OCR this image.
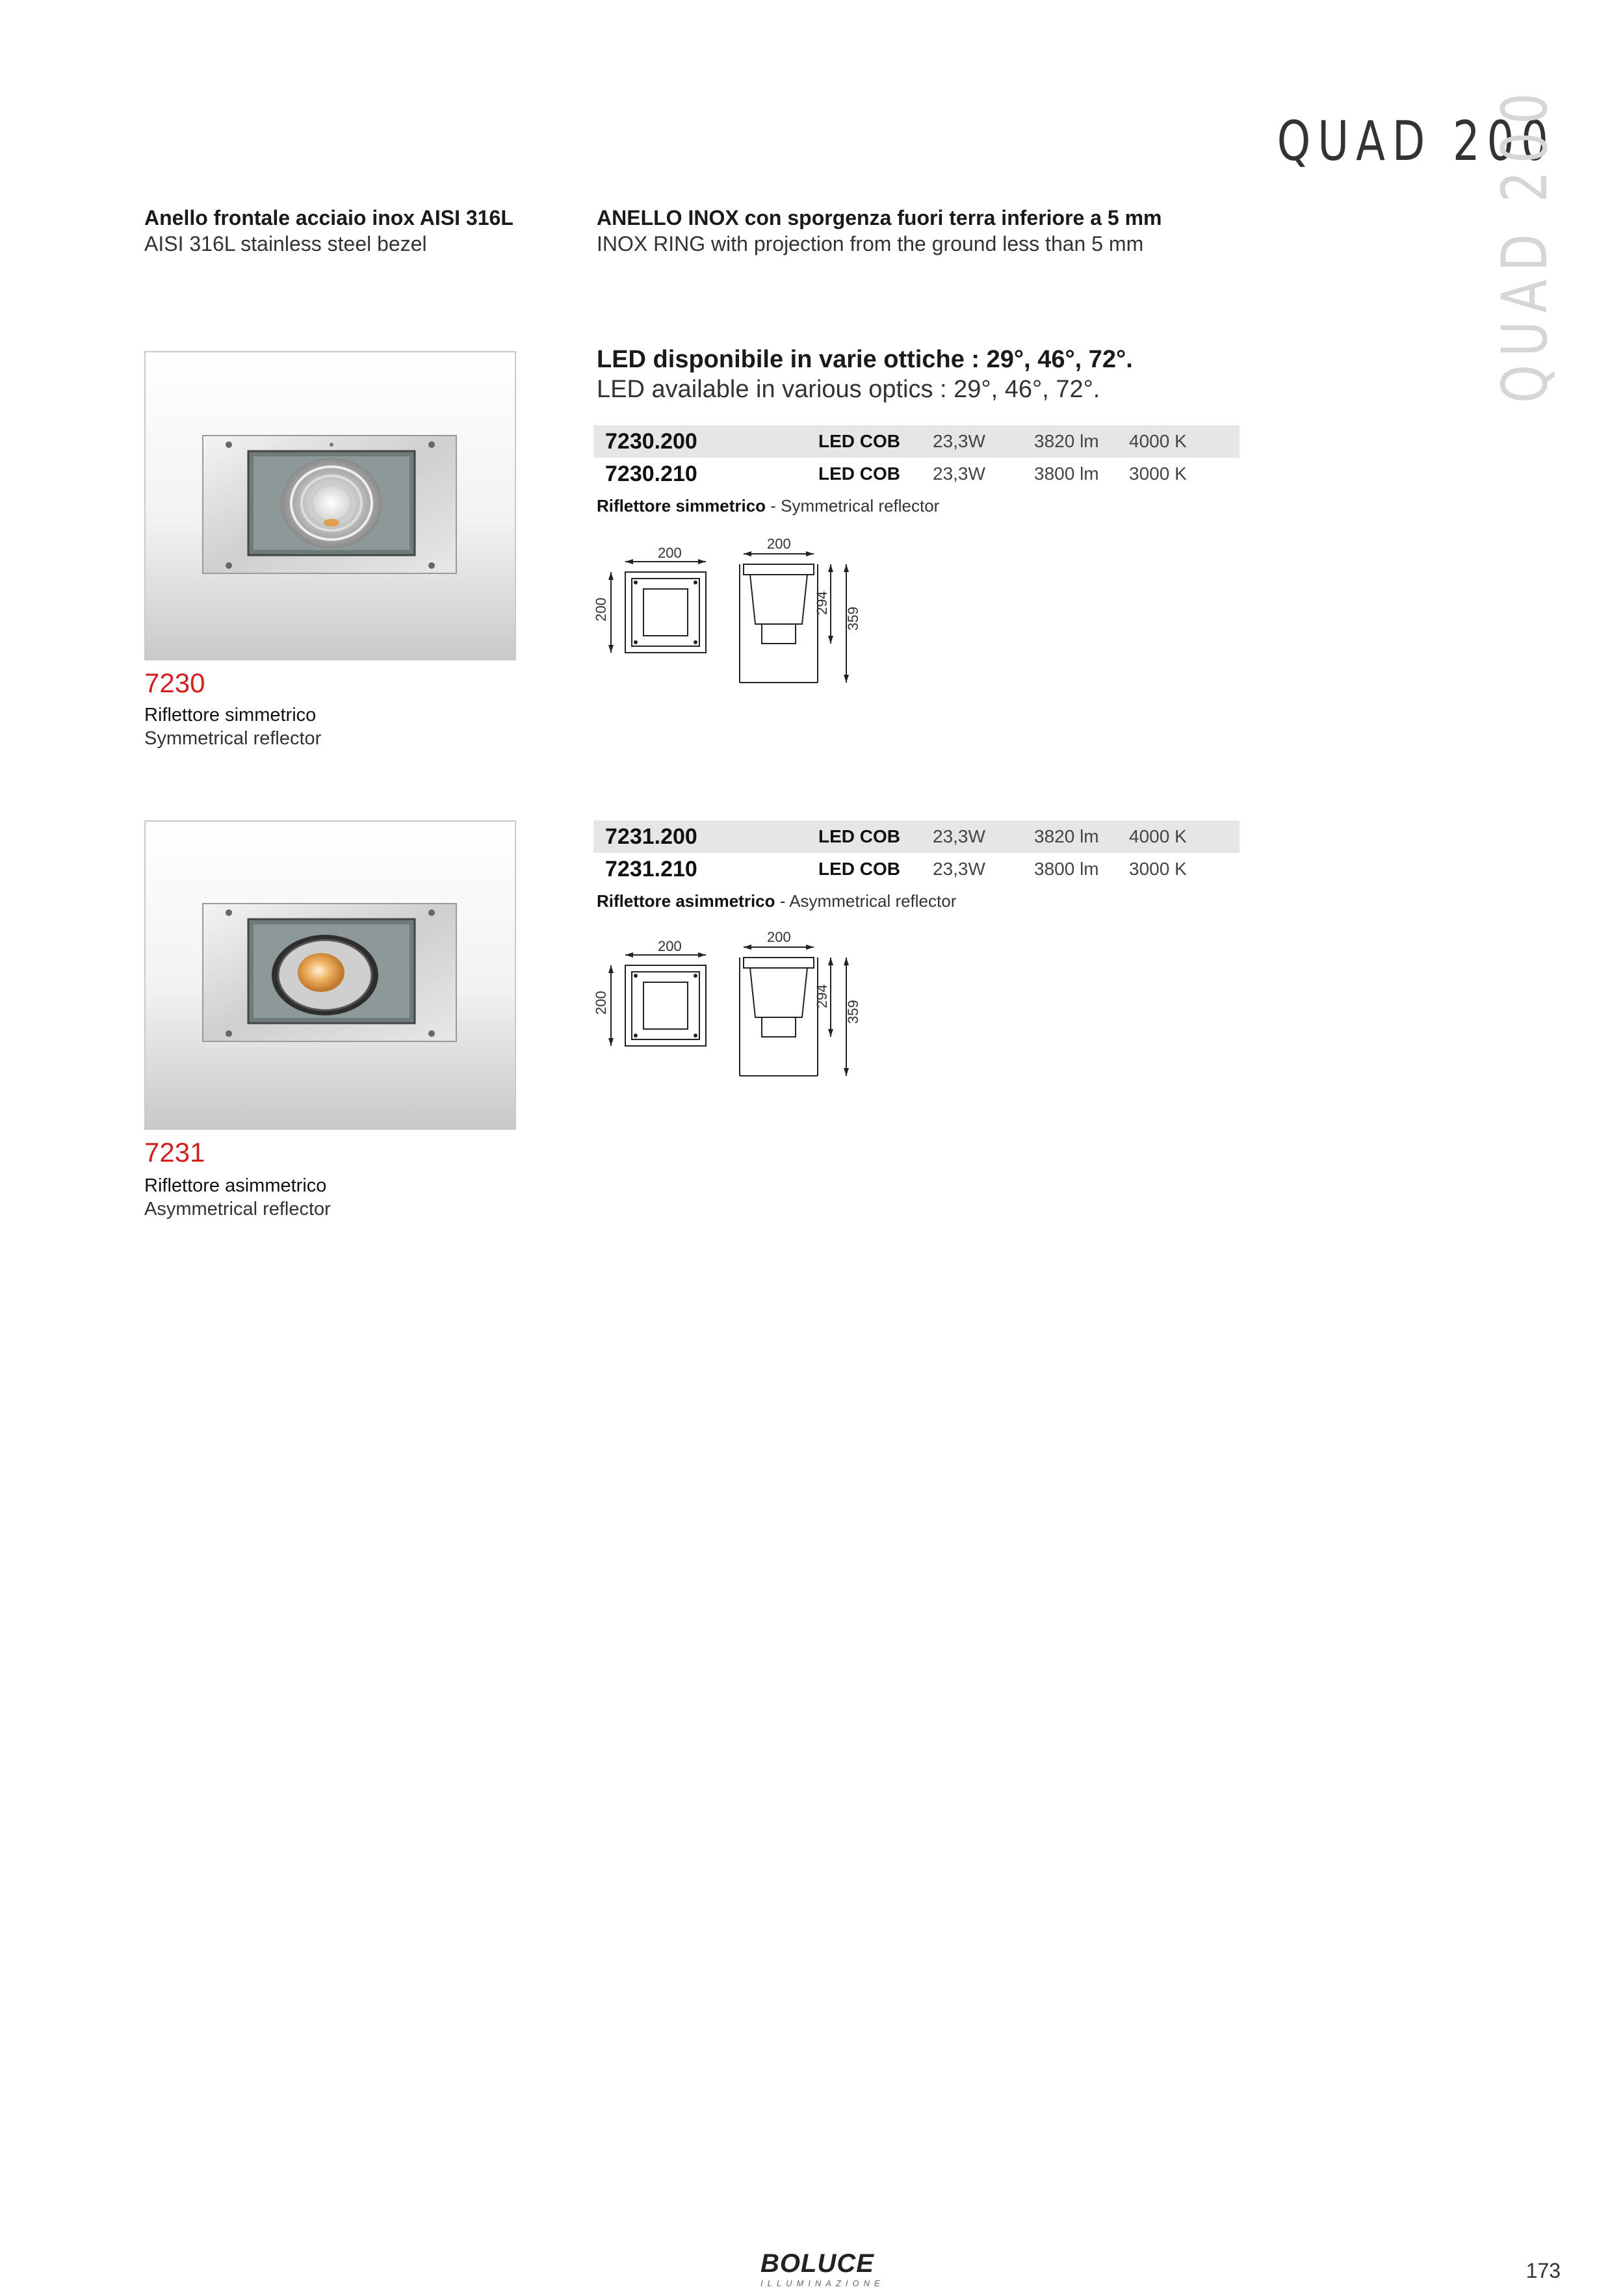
QUAD 200
QUAD 200
Anello frontale acciaio inox AISI 316L
AISI 316L stainless steel bezel
ANELLO INOX con sporgenza fuori terra inferiore a 5 mm
INOX RING with projection from the ground less than 5 mm
LED disponibile in varie ottiche : 29°, 46°, 72°.
LED available in various optics : 29°, 46°, 72°.
7230
Riflettore simmetrico
Symmetrical reflector
7230.200	LED COB 23,3W	3820 lm 4000 K
7230.210	LED COB 23,3W	3800 lm 3000 K
Riflettore simmetrico - Symmetrical reflector
200
200
200
294
359
7231
Riflettore asimmetrico
Asymmetrical reflector
7231.200	LED COB 23,3W	3820 lm 4000 K
7231.210	LED COB 23,3W	3800 lm 3000 K
Riflettore asimmetrico - Asymmetrical reflector
200
200
200
294
359
BOLUCE
ILLUMINAZIONE
173
